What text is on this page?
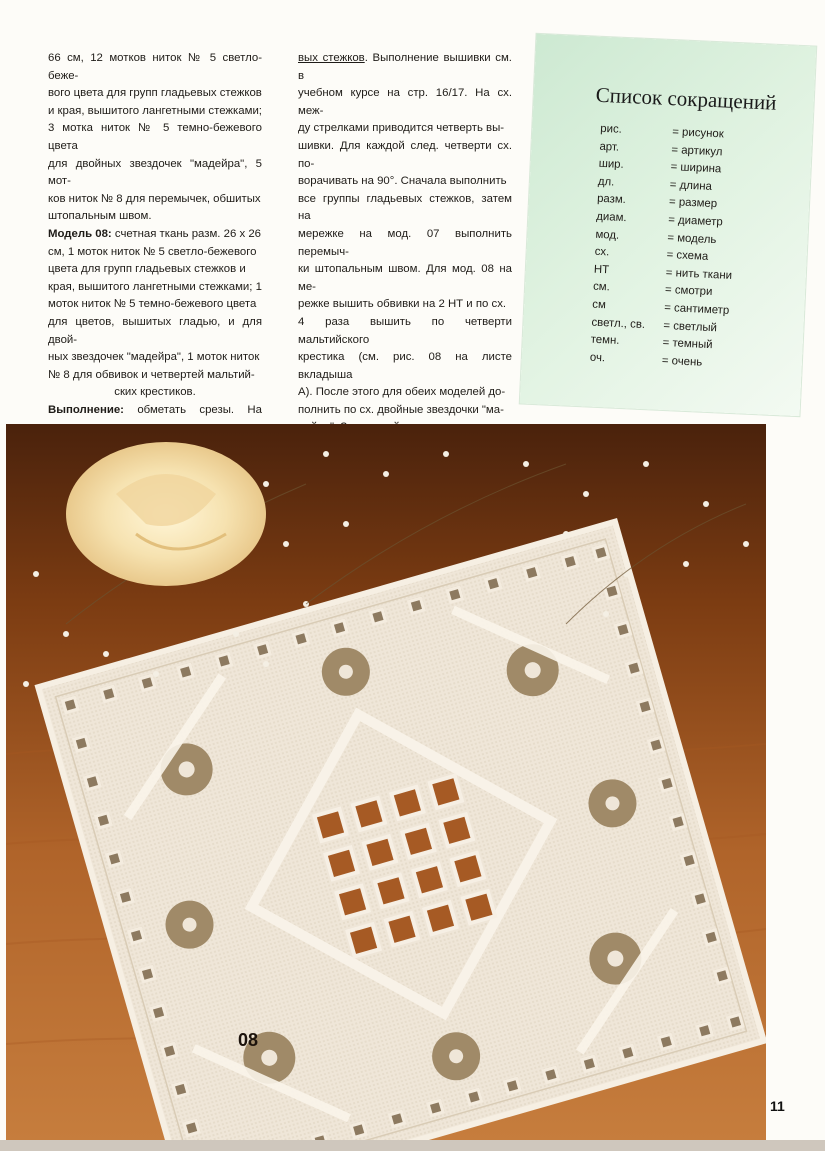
66 см, 12 мотков ниток № 5 светло-беже-
вого цвета для групп гладьевых стежков
и края, вышитого лангетными стежками;
3 мотка ниток № 5 темно-бежевого цвета
для двойных звездочек "мадейра", 5 мот-
ков ниток № 8 для перемычек, обшитых
штопальным швом.
Модель 08: счетная ткань разм. 26 x 26
см, 1 моток ниток № 5 светло-бежевого
цвета для групп гладьевых стежков и
края, вышитого лангетными стежками; 1
моток ниток № 5 темно-бежевого цвета
для цветов, вышитых гладью, и для двой-
ных звездочек "мадейра", 1 моток ниток
№ 8 для обвивок и четвертей мальтий-
ских крестиков.
Выполнение: обметать срезы. На
вых стежков. Выполнение вышивки см. в
учебном курсе на стр. 16/17. На сх. меж-
ду стрелками приводится четверть вы-
шивки. Для каждой след. четверти сх. по-
ворачивать на 90°. Сначала выполнить
все группы гладьевых стежков, затем на
мережке на мод. 07 выполнить перемыч-
ки штопальным швом. Для мод. 08 на ме-
режке вышить обвивки на 2 НТ и по сх.
4 раза вышить по четверти мальтийского
крестика (см. рис. 08 на листе вкладыша
А). После этого для обеих моделей до-
полнить по сх. двойные звездочки "ма-
Список сокращений
рис.	= рисунок
арт.	= артикул
шир.	= ширина
дл.	= длина
разм.	= размер
диам.	= диаметр
мод.	= модель
сх.	= схема
НТ	= нить ткани
см.	= смотри
см	= сантиметр
светл., св.	= светлый
темн.	= темный
оч.	= очень
08
11
